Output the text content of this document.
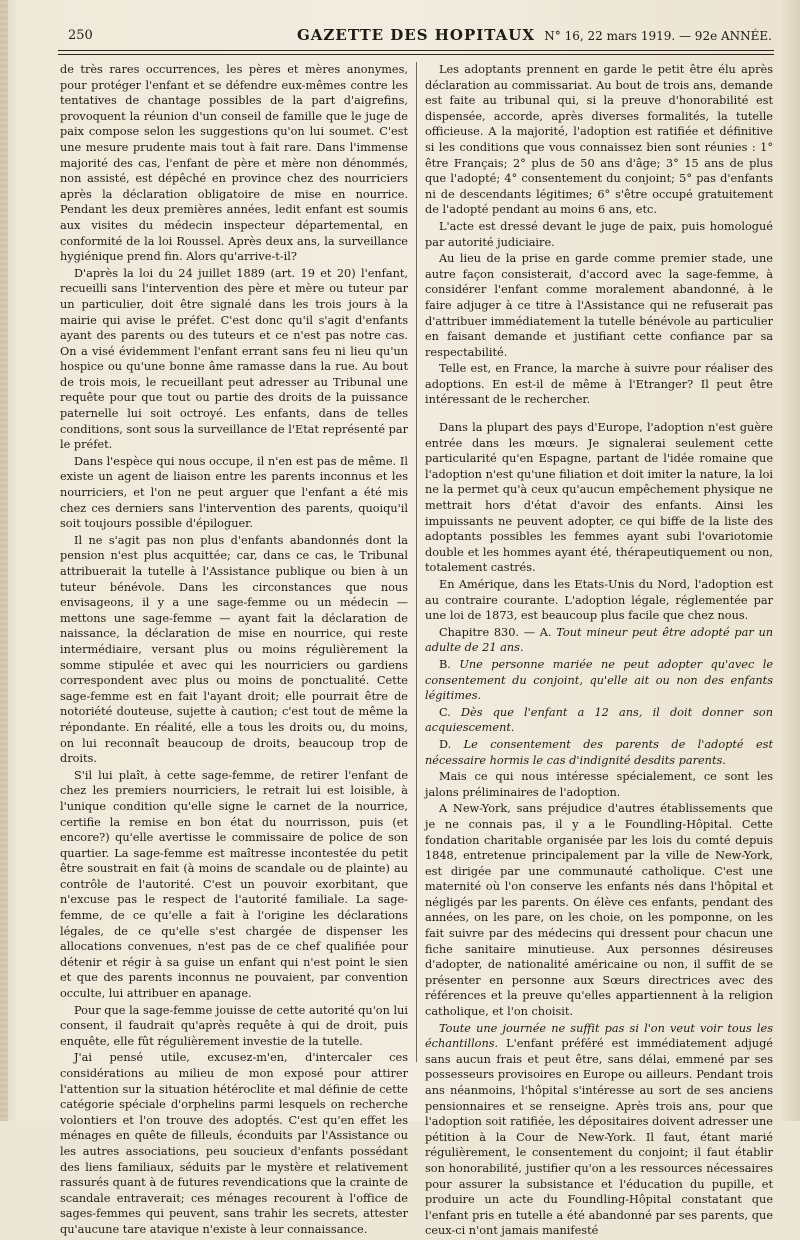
250	GAZETTE DES HOPITAUX N° 16, 22 mars 1919. — 92e ANNÉE.

de très rares occurrences, les pères et mères anonymes, pour protéger l'enfant et se défendre eux-mêmes contre les tentatives de chantage possibles de la part d'aigrefins, provoquent la réunion d'un conseil de famille que le juge de paix compose selon les suggestions qu'on lui soumet. C'est une mesure prudente mais tout à fait rare. Dans l'immense majorité des cas, l'enfant de père et mère non dénommés, non assisté, est dépêché en province chez des nourriciers après la déclaration obligatoire de mise en nourrice. Pendant les deux premières années, ledit enfant est soumis aux visites du médecin inspecteur départemental, en conformité de la loi Roussel. Après deux ans, la surveillance hygiénique prend fin. Alors qu'arrive-t-il?

D'après la loi du 24 juillet 1889 (art. 19 et 20) l'enfant, recueilli sans l'intervention des père et mère ou tuteur par un particulier, doit être signalé dans les trois jours à la mairie qui avise le préfet. C'est donc qu'il s'agit d'enfants ayant des parents ou des tuteurs et ce n'est pas notre cas. On a visé évidemment l'enfant errant sans feu ni lieu qu'un hospice ou qu'une bonne âme ramasse dans la rue. Au bout de trois mois, le recueillant peut adresser au Tribunal une requête pour que tout ou partie des droits de la puissance paternelle lui soit octroyé. Les enfants, dans de telles conditions, sont sous la surveillance de l'Etat représenté par le préfet.

Dans l'espèce qui nous occupe, il n'en est pas de même. Il existe un agent de liaison entre les parents inconnus et les nourriciers, et l'on ne peut arguer que l'enfant a été mis chez ces derniers sans l'intervention des parents, quoiqu'il soit toujours possible d'épiloguer.

Il ne s'agit pas non plus d'enfants abandonnés dont la pension n'est plus acquittée; car, dans ce cas, le Tribunal attribuerait la tutelle à l'Assistance publique ou bien à un tuteur bénévole. Dans les circonstances que nous envisageons, il y a une sage-femme ou un médecin — mettons une sage-femme — ayant fait la déclaration de naissance, la déclaration de mise en nourrice, qui reste intermédiaire, versant plus ou moins régulièrement la somme stipulée et avec qui les nourriciers ou gardiens correspondent avec plus ou moins de ponctualité. Cette sage-femme est en fait l'ayant droit; elle pourrait être de notoriété douteuse, sujette à caution; c'est tout de même la répondante. En réalité, elle a tous les droits ou, du moins, on lui reconnaît beaucoup de droits, beaucoup trop de droits.

S'il lui plaît, à cette sage-femme, de retirer l'enfant de chez les premiers nourriciers, le retrait lui est loisible, à l'unique condition qu'elle signe le carnet de la nourrice, certifie la remise en bon état du nourrisson, puis (et encore?) qu'elle avertisse le commissaire de police de son quartier. La sage-femme est maîtresse incontestée du petit être soustrait en fait (à moins de scandale ou de plainte) au contrôle de l'autorité. C'est un pouvoir exorbitant, que n'excuse pas le respect de l'autorité familiale. La sage-femme, de ce qu'elle a fait à l'origine les déclarations légales, de ce qu'elle s'est chargée de dispenser les allocations convenues, n'est pas de ce chef qualifiée pour détenir et régir à sa guise un enfant qui n'est point le sien et que des parents inconnus ne pouvaient, par convention occulte, lui attribuer en apanage.

Pour que la sage-femme jouisse de cette autorité qu'on lui consent, il faudrait qu'après requête à qui de droit, puis enquête, elle fût régulièrement investie de la tutelle.

J'ai pensé utile, excusez-m'en, d'intercaler ces considérations au milieu de mon exposé pour attirer l'attention sur la situation hétéroclite et mal définie de cette catégorie spéciale d'orphelins parmi lesquels on recherche volontiers et l'on trouve des adoptés. C'est qu'en effet les ménages en quête de filleuls, éconduits par l'Assistance ou les autres associations, peu soucieux d'enfants possédant des liens familiaux, séduits par le mystère et relativement rassurés quant à de futures revendications que la crainte de scandale entraverait; ces ménages recourent à l'office de sages-femmes qui peuvent, sans trahir les secrets, attester qu'aucune tare atavique n'existe à leur connaissance.

Les adoptants prennent en garde le petit être élu après déclaration au commissariat. Au bout de trois ans, demande est faite au tribunal qui, si la preuve d'honorabilité est dispensée, accorde, après diverses formalités, la tutelle officieuse. A la majorité, l'adoption est ratifiée et définitive si les conditions que vous connaissez bien sont réunies : 1° être Français; 2° plus de 50 ans d'âge; 3° 15 ans de plus que l'adopté; 4° consentement du conjoint; 5° pas d'enfants ni de descendants légitimes; 6° s'être occupé gratuitement de l'adopté pendant au moins 6 ans, etc.

L'acte est dressé devant le juge de paix, puis homologué par autorité judiciaire.

Au lieu de la prise en garde comme premier stade, une autre façon consisterait, d'accord avec la sage-femme, à considérer l'enfant comme moralement abandonné, à le faire adjuger à ce titre à l'Assistance qui ne refuserait pas d'attribuer immédiatement la tutelle bénévole au particulier en faisant demande et justifiant cette confiance par sa respectabilité.

Telle est, en France, la marche à suivre pour réaliser des adoptions. En est-il de même à l'Etranger? Il peut être intéressant de le rechercher.

Dans la plupart des pays d'Europe, l'adoption n'est guère entrée dans les mœurs. Je signalerai seulement cette particularité qu'en Espagne, partant de l'idée romaine que l'adoption n'est qu'une filiation et doit imiter la nature, la loi ne la permet qu'à ceux qu'aucun empêchement physique ne mettrait hors d'état d'avoir des enfants. Ainsi les impuissants ne peuvent adopter, ce qui biffe de la liste des adoptants possibles les femmes ayant subi l'ovariotomie double et les hommes ayant été, thérapeutiquement ou non, totalement castrés.

En Amérique, dans les Etats-Unis du Nord, l'adoption est au contraire courante. L'adoption légale, réglementée par une loi de 1873, est beaucoup plus facile que chez nous.

Chapitre 830. — A. Tout mineur peut être adopté par un adulte de 21 ans.

B. Une personne mariée ne peut adopter qu'avec le consentement du conjoint, qu'elle ait ou non des enfants légitimes.

C. Dès que l'enfant a 12 ans, il doit donner son acquiescement.

D. Le consentement des parents de l'adopté est nécessaire hormis le cas d'indignité desdits parents.

Mais ce qui nous intéresse spécialement, ce sont les jalons préliminaires de l'adoption.

A New-York, sans préjudice d'autres établissements que je ne connais pas, il y a le Foundling-Hôpital. Cette fondation charitable organisée par les lois du comté depuis 1848, entretenue principalement par la ville de New-York, est dirigée par une communauté catholique. C'est une maternité où l'on conserve les enfants nés dans l'hôpital et négligés par les parents. On élève ces enfants, pendant des années, on les pare, on les choie, on les pomponne, on les fait suivre par des médecins qui dressent pour chacun une fiche sanitaire minutieuse. Aux personnes désireuses d'adopter, de nationalité américaine ou non, il suffit de se présenter en personne aux Sœurs directrices avec des références et la preuve qu'elles appartiennent à la religion catholique, et l'on choisit.

Toute une journée ne suffit pas si l'on veut voir tous les échantillons. L'enfant préféré est immédiatement adjugé sans aucun frais et peut être, sans délai, emmené par ses possesseurs provisoires en Europe ou ailleurs. Pendant trois ans néanmoins, l'hôpital s'intéresse au sort de ses anciens pensionnaires et se renseigne. Après trois ans, pour que l'adoption soit ratifiée, les dépositaires doivent adresser une pétition à la Cour de New-York. Il faut, étant marié régulièrement, le consentement du conjoint; il faut établir son honorabilité, justifier qu'on a les ressources nécessaires pour assurer la subsistance et l'éducation du pupille, et produire un acte du Foundling-Hôpital constatant que l'enfant pris en tutelle a été abandonné par ses parents, que ceux-ci n'ont jamais manifesté
